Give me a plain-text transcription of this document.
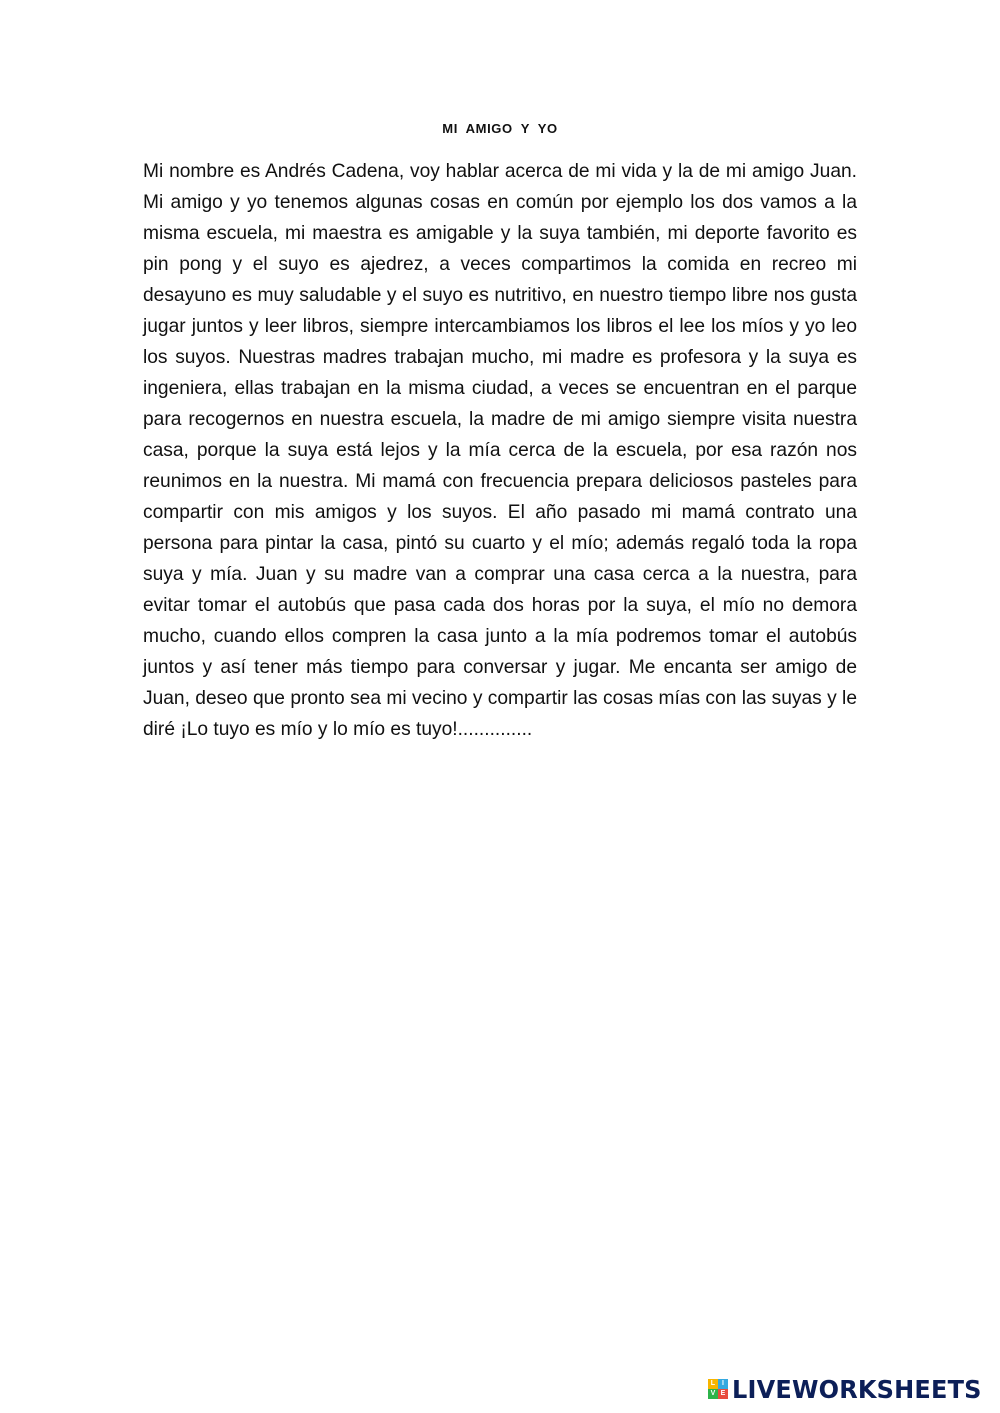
MI AMIGO Y YO

Mi nombre es Andrés Cadena, voy hablar acerca de mi vida y la de mi amigo Juan. Mi amigo y yo tenemos algunas cosas en común por ejemplo los dos vamos a la misma escuela, mi maestra es amigable y la suya también, mi deporte favorito es pin pong y el suyo es ajedrez, a veces compartimos la comida en recreo mi desayuno es muy saludable y el suyo es nutritivo, en nuestro tiempo libre nos gusta jugar juntos y leer libros, siempre intercambiamos los libros el lee los míos y yo leo los suyos. Nuestras madres trabajan mucho, mi madre es profesora y la suya es ingeniera, ellas trabajan en la misma ciudad, a veces se encuentran en el parque para recogernos en nuestra escuela, la madre de mi amigo siempre visita nuestra casa, porque la suya está lejos y la mía cerca de la escuela, por esa razón nos reunimos en la nuestra. Mi mamá con frecuencia prepara deliciosos pasteles para compartir con mis amigos y los suyos. El año pasado mi mamá contrato una persona para pintar la casa, pintó su cuarto y el mío; además regaló toda la ropa suya y mía. Juan y su madre van a comprar una casa cerca a la nuestra, para evitar tomar el autobús que pasa cada dos horas por la suya, el mío no demora mucho, cuando ellos compren la casa junto a la mía podremos tomar el autobús juntos y así tener más tiempo para conversar y jugar. Me encanta ser amigo de Juan, deseo que pronto sea mi vecino y compartir las cosas mías con las suyas y le diré ¡Lo tuyo es mío y lo mío es tuyo!..............

L I
V E LIVEWORKSHEETS
